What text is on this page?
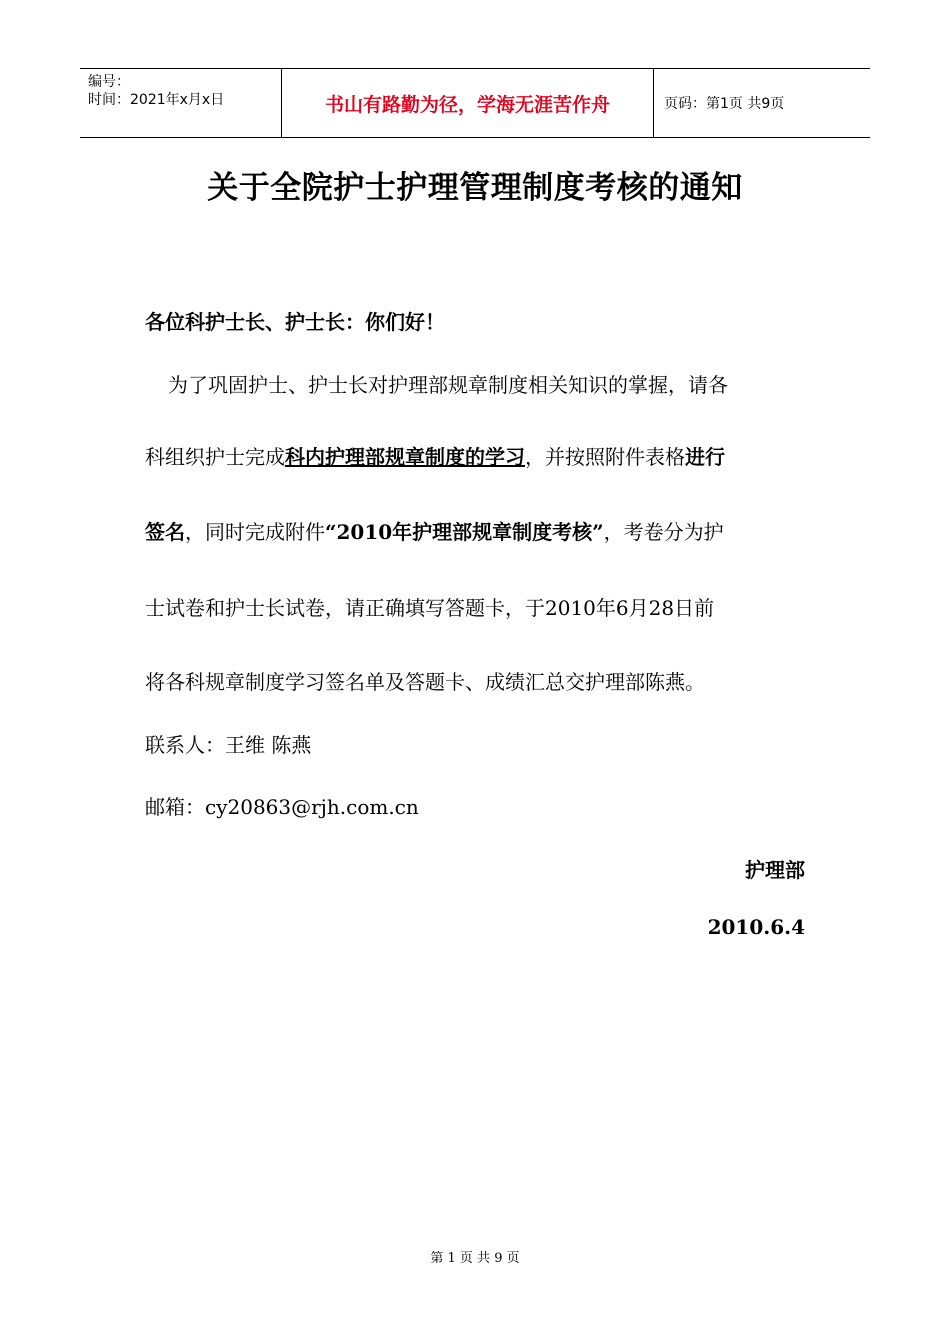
编号：
时间：2021年x月x日	书山有路勤为径，学海无涯苦作舟	页码：第1页 共9页
关于全院护士护理管理制度考核的通知
各位科护士长、护士长：你们好！
为了巩固护士、护士长对护理部规章制度相关知识的掌握，请各
科组织护士完成科内护理部规章制度的学习，并按照附件表格进行
签名，同时完成附件“2010年护理部规章制度考核”，考卷分为护
士试卷和护士长试卷，请正确填写答题卡，于2010年6月28日前
将各科规章制度学习签名单及答题卡、成绩汇总交护理部陈燕。
联系人：王维 陈燕
邮箱：cy20863@rjh.com.cn
护理部
2010.6.4
第 1 页 共 9 页
